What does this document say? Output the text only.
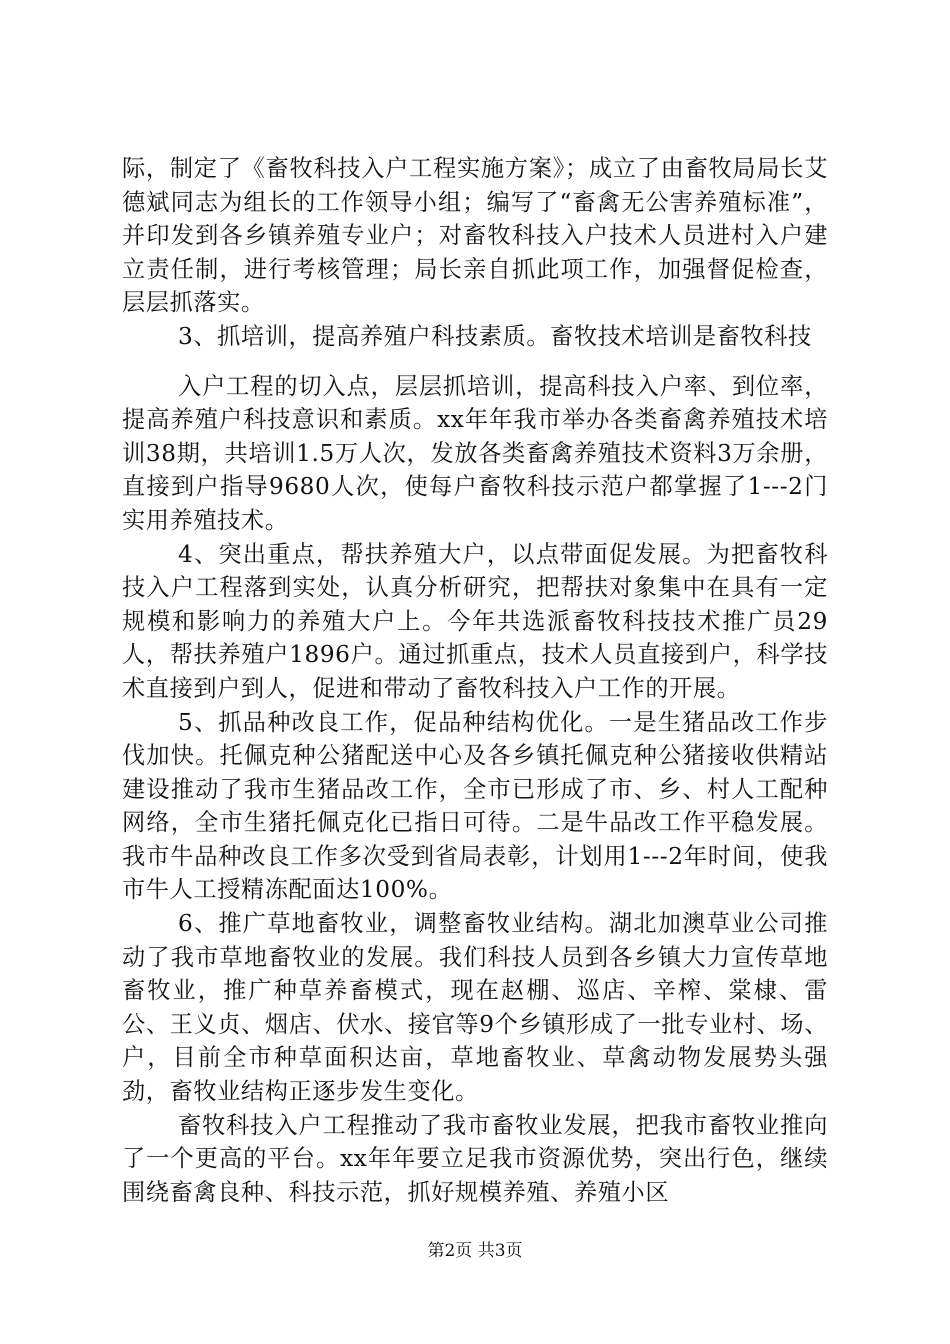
际，制定了《畜牧科技入户工程实施方案》；成立了由畜牧局局长艾德斌同志为组长的工作领导小组；编写了“畜禽无公害养殖标准”，并印发到各乡镇养殖专业户；对畜牧科技入户技术人员进村入户建立责任制，进行考核管理；局长亲自抓此项工作，加强督促检查，层层抓落实。

3、抓培训，提高养殖户科技素质。畜牧技术培训是畜牧科技

入户工程的切入点，层层抓培训，提高科技入户率、到位率，提高养殖户科技意识和素质。xx年年我市举办各类畜禽养殖技术培训38期，共培训1.5万人次，发放各类畜禽养殖技术资料3万余册，直接到户指导9680人次，使每户畜牧科技示范户都掌握了1---2门实用养殖技术。

4、突出重点，帮扶养殖大户，以点带面促发展。为把畜牧科技入户工程落到实处，认真分析研究，把帮扶对象集中在具有一定规模和影响力的养殖大户上。今年共选派畜牧科技技术推广员29人，帮扶养殖户1896户。通过抓重点，技术人员直接到户，科学技术直接到户到人，促进和带动了畜牧科技入户工作的开展。

5、抓品种改良工作，促品种结构优化。一是生猪品改工作步伐加快。托佩克种公猪配送中心及各乡镇托佩克种公猪接收供精站建设推动了我市生猪品改工作，全市已形成了市、乡、村人工配种网络，全市生猪托佩克化已指日可待。二是牛品改工作平稳发展。我市牛品种改良工作多次受到省局表彰，计划用1---2年时间，使我市牛人工授精冻配面达100%。

6、推广草地畜牧业，调整畜牧业结构。湖北加澳草业公司推动了我市草地畜牧业的发展。我们科技人员到各乡镇大力宣传草地畜牧业，推广种草养畜模式，现在赵棚、巡店、辛榨、棠棣、雷公、王义贞、烟店、伏水、接官等9个乡镇形成了一批专业村、场、户，目前全市种草面积达亩，草地畜牧业、草禽动物发展势头强劲，畜牧业结构正逐步发生变化。

畜牧科技入户工程推动了我市畜牧业发展，把我市畜牧业推向了一个更高的平台。xx年年要立足我市资源优势，突出行色，继续围绕畜禽良种、科技示范，抓好规模养殖、养殖小区

第2页 共3页
